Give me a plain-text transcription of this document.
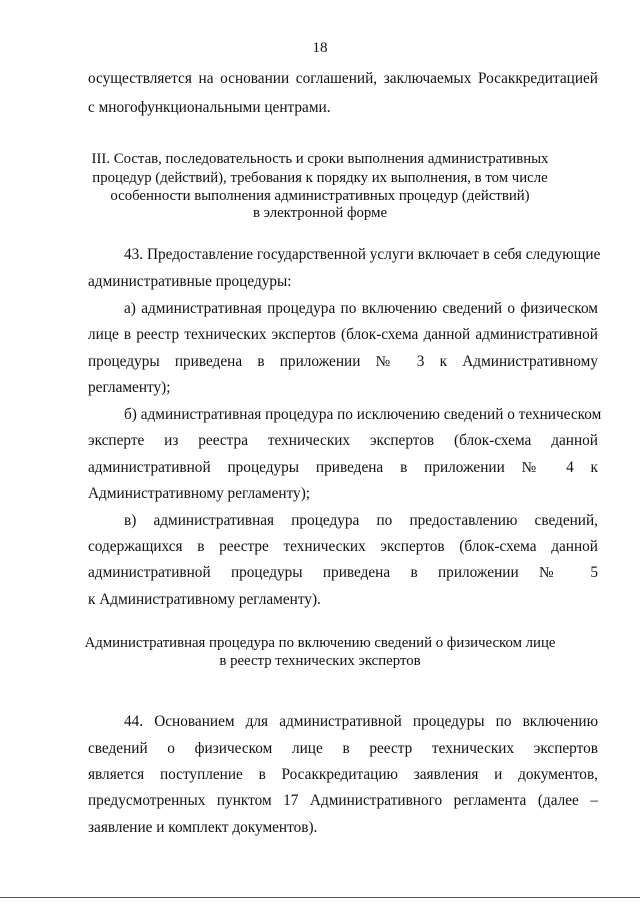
18
осуществляется на основании соглашений, заключаемых Росаккредитацией
с многофункциональными центрами.
III. Состав, последовательность и сроки выполнения административных
процедур (действий), требования к порядку их выполнения, в том числе
особенности выполнения административных процедур (действий)
в электронной форме
43. Предоставление государственной услуги включает в себя следующие
административные процедуры:
а) административная процедура по включению сведений о физическом
лице в реестр технических экспертов (блок-схема данной административной
процедуры приведена в приложении № 3 к Административному
регламенту);
б) административная процедура по исключению сведений о техническом
эксперте из реестра технических экспертов (блок-схема данной
административной процедуры приведена в приложении № 4 к
Административному регламенту);
в) административная процедура по предоставлению сведений,
содержащихся в реестре технических экспертов (блок-схема данной
административной процедуры приведена в приложении № 5
к Административному регламенту).
Административная процедура по включению сведений о физическом лице
в реестр технических экспертов
44. Основанием для административной процедуры по включению
сведений о физическом лице в реестр технических экспертов
является поступление в Росаккредитацию заявления и документов,
предусмотренных пунктом 17 Административного регламента (далее –
заявление и комплект документов).
